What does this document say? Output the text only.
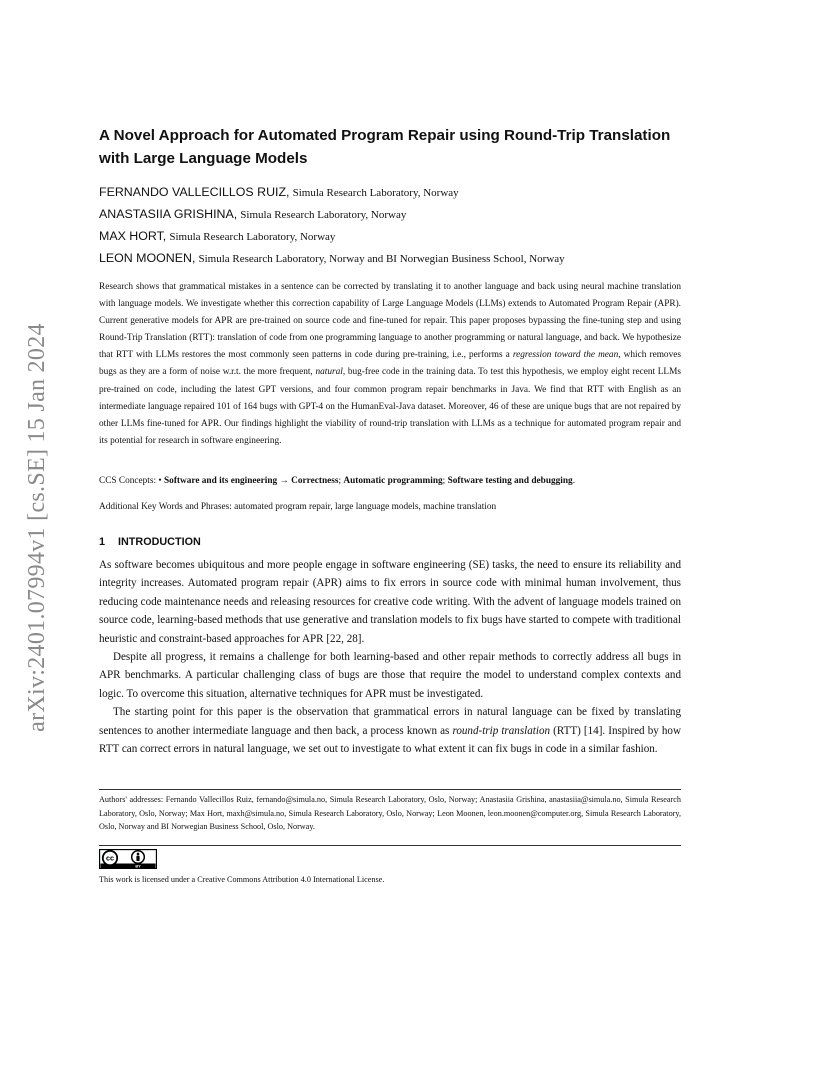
arXiv:2401.07994v1 [cs.SE] 15 Jan 2024
A Novel Approach for Automated Program Repair using Round-Trip Translation with Large Language Models
FERNANDO VALLECILLOS RUIZ, Simula Research Laboratory, Norway
ANASTASIIA GRISHINA, Simula Research Laboratory, Norway
MAX HORT, Simula Research Laboratory, Norway
LEON MOONEN, Simula Research Laboratory, Norway and BI Norwegian Business School, Norway

Research shows that grammatical mistakes in a sentence can be corrected by translating it to another language and back using neural machine translation with language models. We investigate whether this correction capability of Large Language Models (LLMs) extends to Automated Program Repair (APR). Current generative models for APR are pre-trained on source code and fine-tuned for repair. This paper proposes bypassing the fine-tuning step and using Round-Trip Translation (RTT): translation of code from one programming language to another programming or natural language, and back. We hypothesize that RTT with LLMs restores the most commonly seen patterns in code during pre-training, i.e., performs a regression toward the mean, which removes bugs as they are a form of noise w.r.t. the more frequent, natural, bug-free code in the training data. To test this hypothesis, we employ eight recent LLMs pre-trained on code, including the latest GPT versions, and four common program repair benchmarks in Java. We find that RTT with English as an intermediate language repaired 101 of 164 bugs with GPT-4 on the HumanEval-Java dataset. Moreover, 46 of these are unique bugs that are not repaired by other LLMs fine-tuned for APR. Our findings highlight the viability of round-trip translation with LLMs as a technique for automated program repair and its potential for research in software engineering.

CCS Concepts: • Software and its engineering → Correctness; Automatic programming; Software testing and debugging.

Additional Key Words and Phrases: automated program repair, large language models, machine translation

1 INTRODUCTION

As software becomes ubiquitous and more people engage in software engineering (SE) tasks, the need to ensure its reliability and integrity increases. Automated program repair (APR) aims to fix errors in source code with minimal human involvement, thus reducing code maintenance needs and releasing resources for creative code writing. With the advent of language models trained on source code, learning-based methods that use generative and translation models to fix bugs have started to compete with traditional heuristic and constraint-based approaches for APR [22, 28].

Despite all progress, it remains a challenge for both learning-based and other repair methods to correctly address all bugs in APR benchmarks. A particular challenging class of bugs are those that require the model to understand complex contexts and logic. To overcome this situation, alternative techniques for APR must be investigated.

The starting point for this paper is the observation that grammatical errors in natural language can be fixed by translating sentences to another intermediate language and then back, a process known as round-trip translation (RTT) [14]. Inspired by how RTT can correct errors in natural language, we set out to investigate to what extent it can fix bugs in code in a similar fashion.

Authors' addresses: Fernando Vallecillos Ruiz, fernando@simula.no, Simula Research Laboratory, Oslo, Norway; Anastasiia Grishina, anastasiia@simula.no, Simula Research Laboratory, Oslo, Norway; Max Hort, maxh@simula.no, Simula Research Laboratory, Oslo, Norway; Leon Moonen, leon.moonen@computer.org, Simula Research Laboratory, Oslo, Norway and BI Norwegian Business School, Oslo, Norway.

cc
BY

This work is licensed under a Creative Commons Attribution 4.0 International License.
